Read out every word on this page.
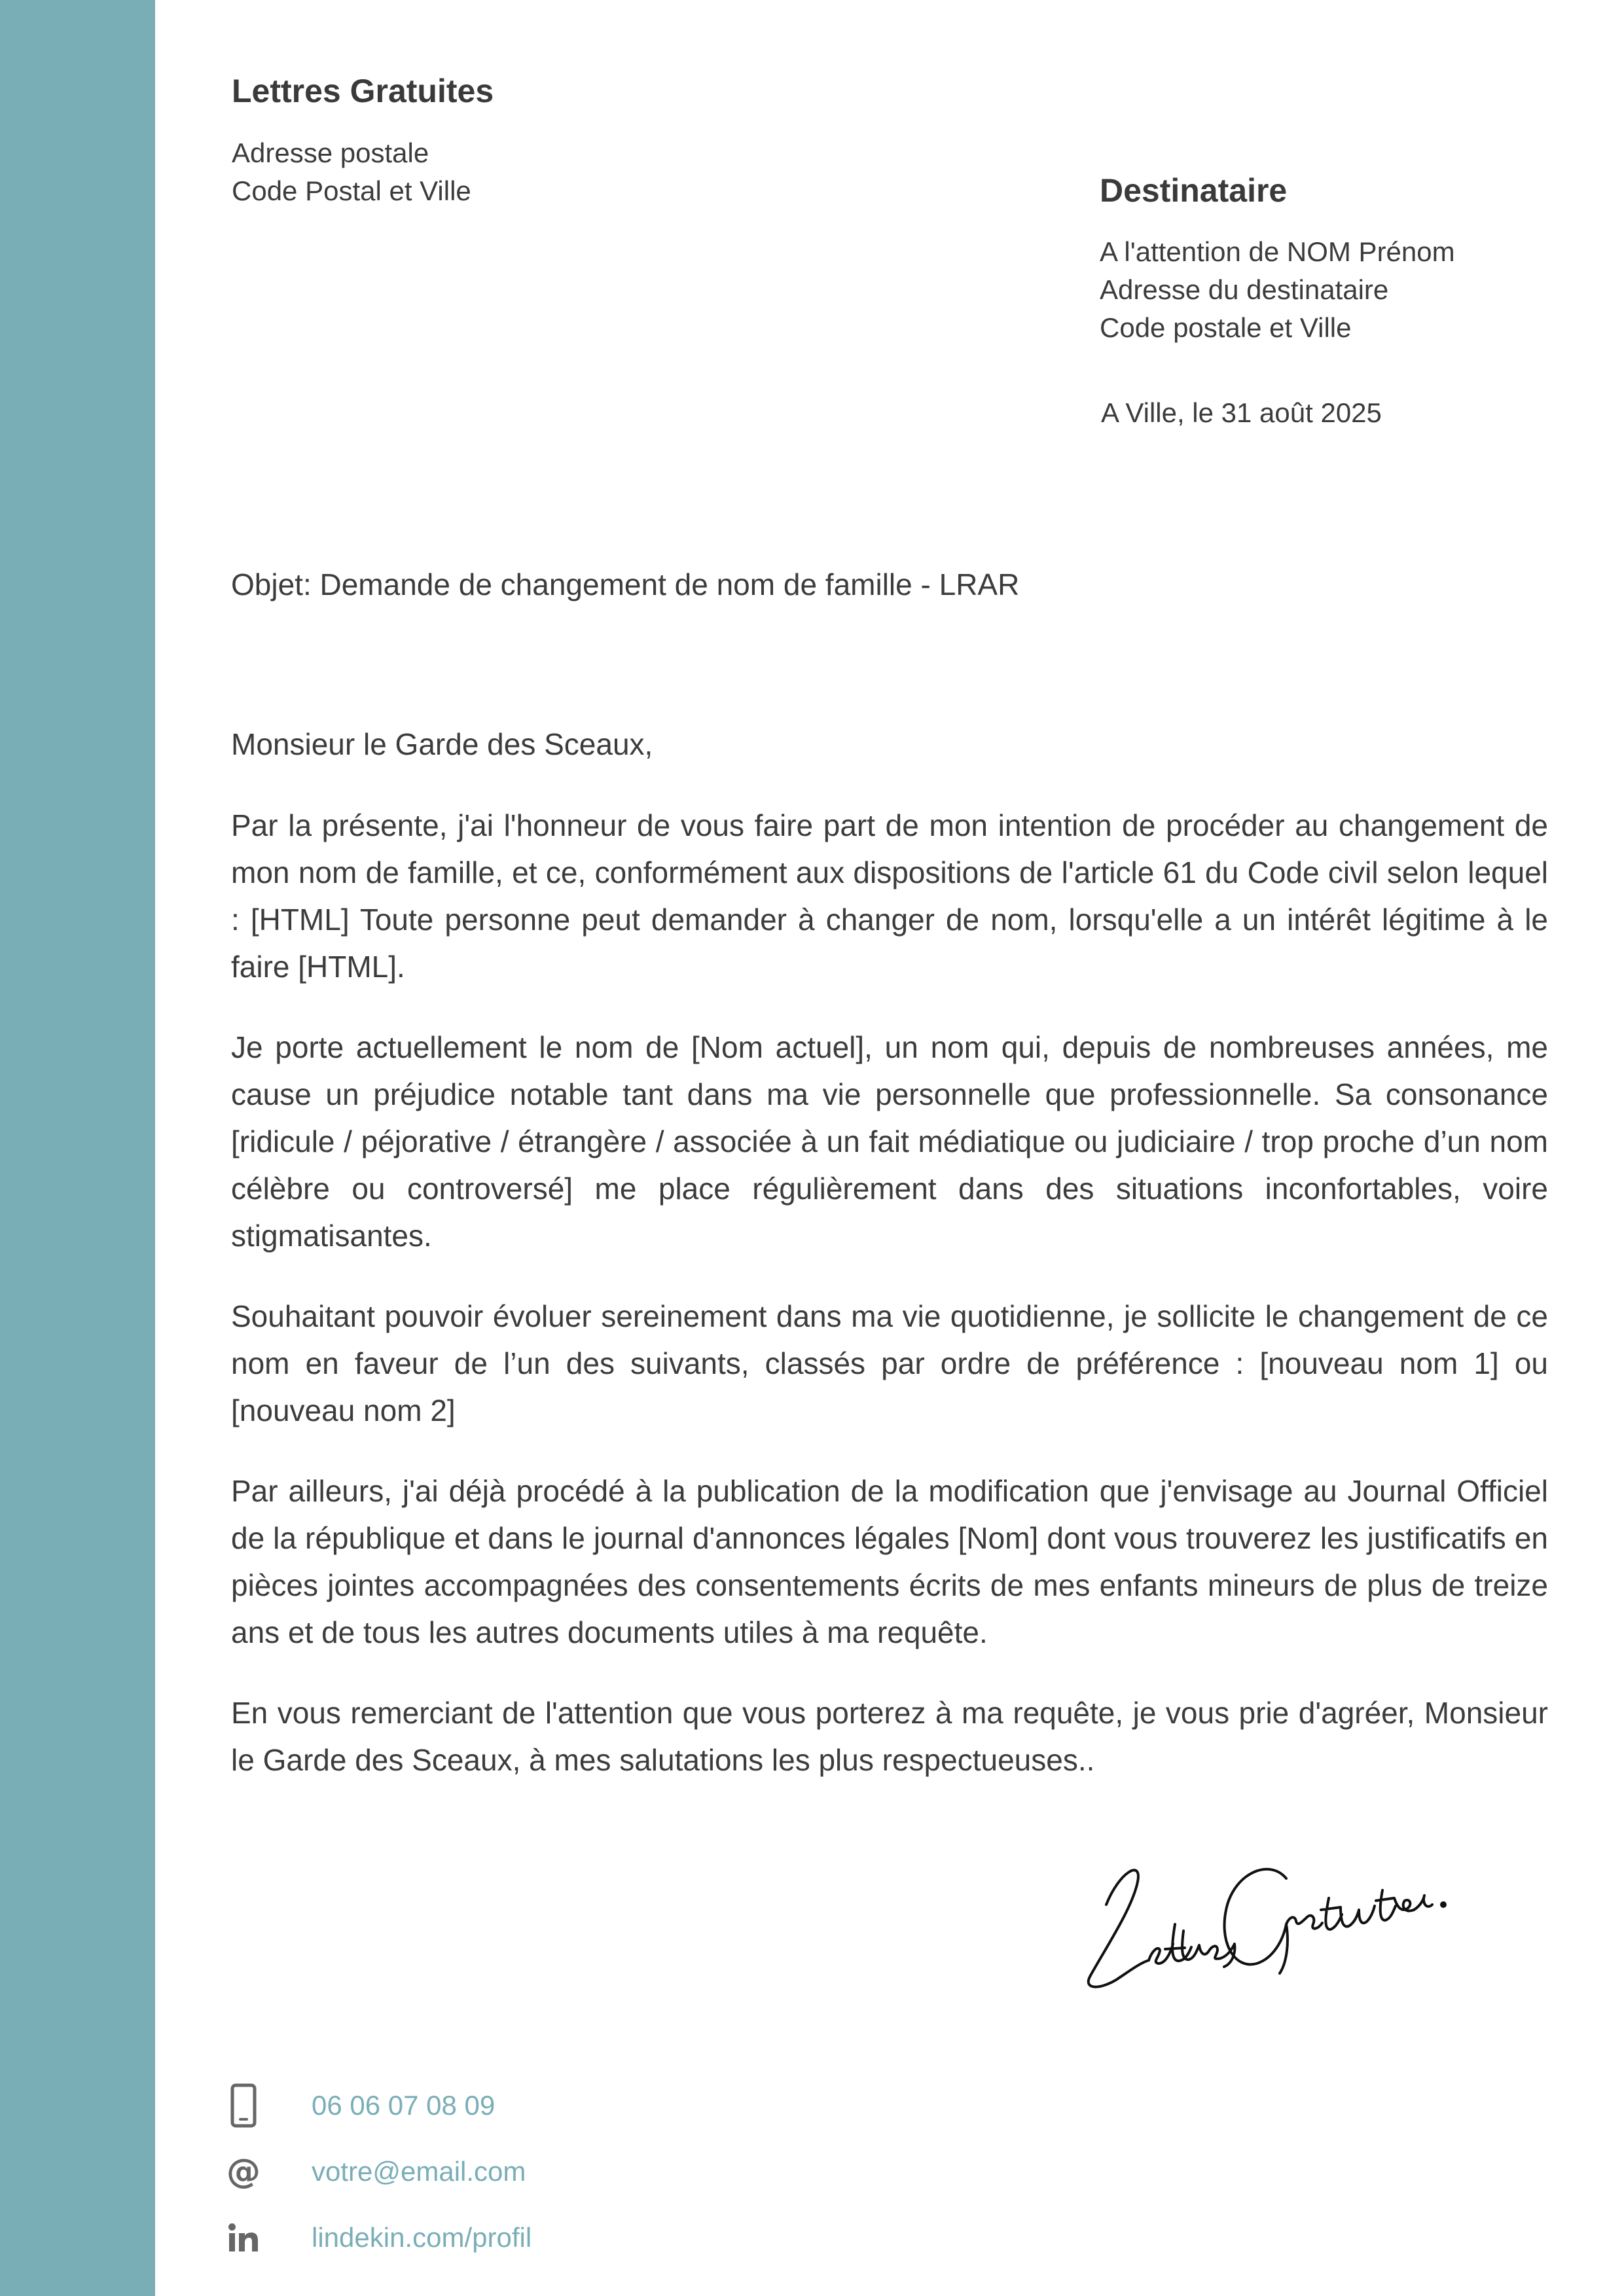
Lettres Gratuites
Adresse postale
Code Postal et Ville	Destinataire
A l'attention de NOM Prénom
Adresse du destinataire
Code postale et Ville
A Ville, le 31 août 2025
Objet: Demande de changement de nom de famille - LRAR
Monsieur le Garde des Sceaux,

Par la présente, j'ai l'honneur de vous faire part de mon intention de procéder au changement de mon nom de famille, et ce, conformément aux dispositions de l'article 61 du Code civil selon lequel : [HTML] Toute personne peut demander à changer de nom, lorsqu'elle a un intérêt légitime à le faire [HTML].

Je porte actuellement le nom de [Nom actuel], un nom qui, depuis de nombreuses années, me cause un préjudice notable tant dans ma vie personnelle que professionnelle. Sa consonance [ridicule / péjorative / étrangère / associée à un fait médiatique ou judiciaire / trop proche d’un nom célèbre ou controversé] me place régulièrement dans des situations inconfortables, voire stigmatisantes.

Souhaitant pouvoir évoluer sereinement dans ma vie quotidienne, je sollicite le changement de ce nom en faveur de l’un des suivants, classés par ordre de préférence : [nouveau nom 1] ou [nouveau nom 2]

Par ailleurs, j'ai déjà procédé à la publication de la modification que j'envisage au Journal Officiel de la république et dans le journal d'annonces légales [Nom] dont vous trouverez les justificatifs en pièces jointes accompagnées des consentements écrits de mes enfants mineurs de plus de treize ans et de tous les autres documents utiles à ma requête.

En vous remerciant de l'attention que vous porterez à ma requête, je vous prie d'agréer, Monsieur le Garde des Sceaux, à mes salutations les plus respectueuses..

06 06 07 08 09
@ votre@email.com
lindekin.com/profil
